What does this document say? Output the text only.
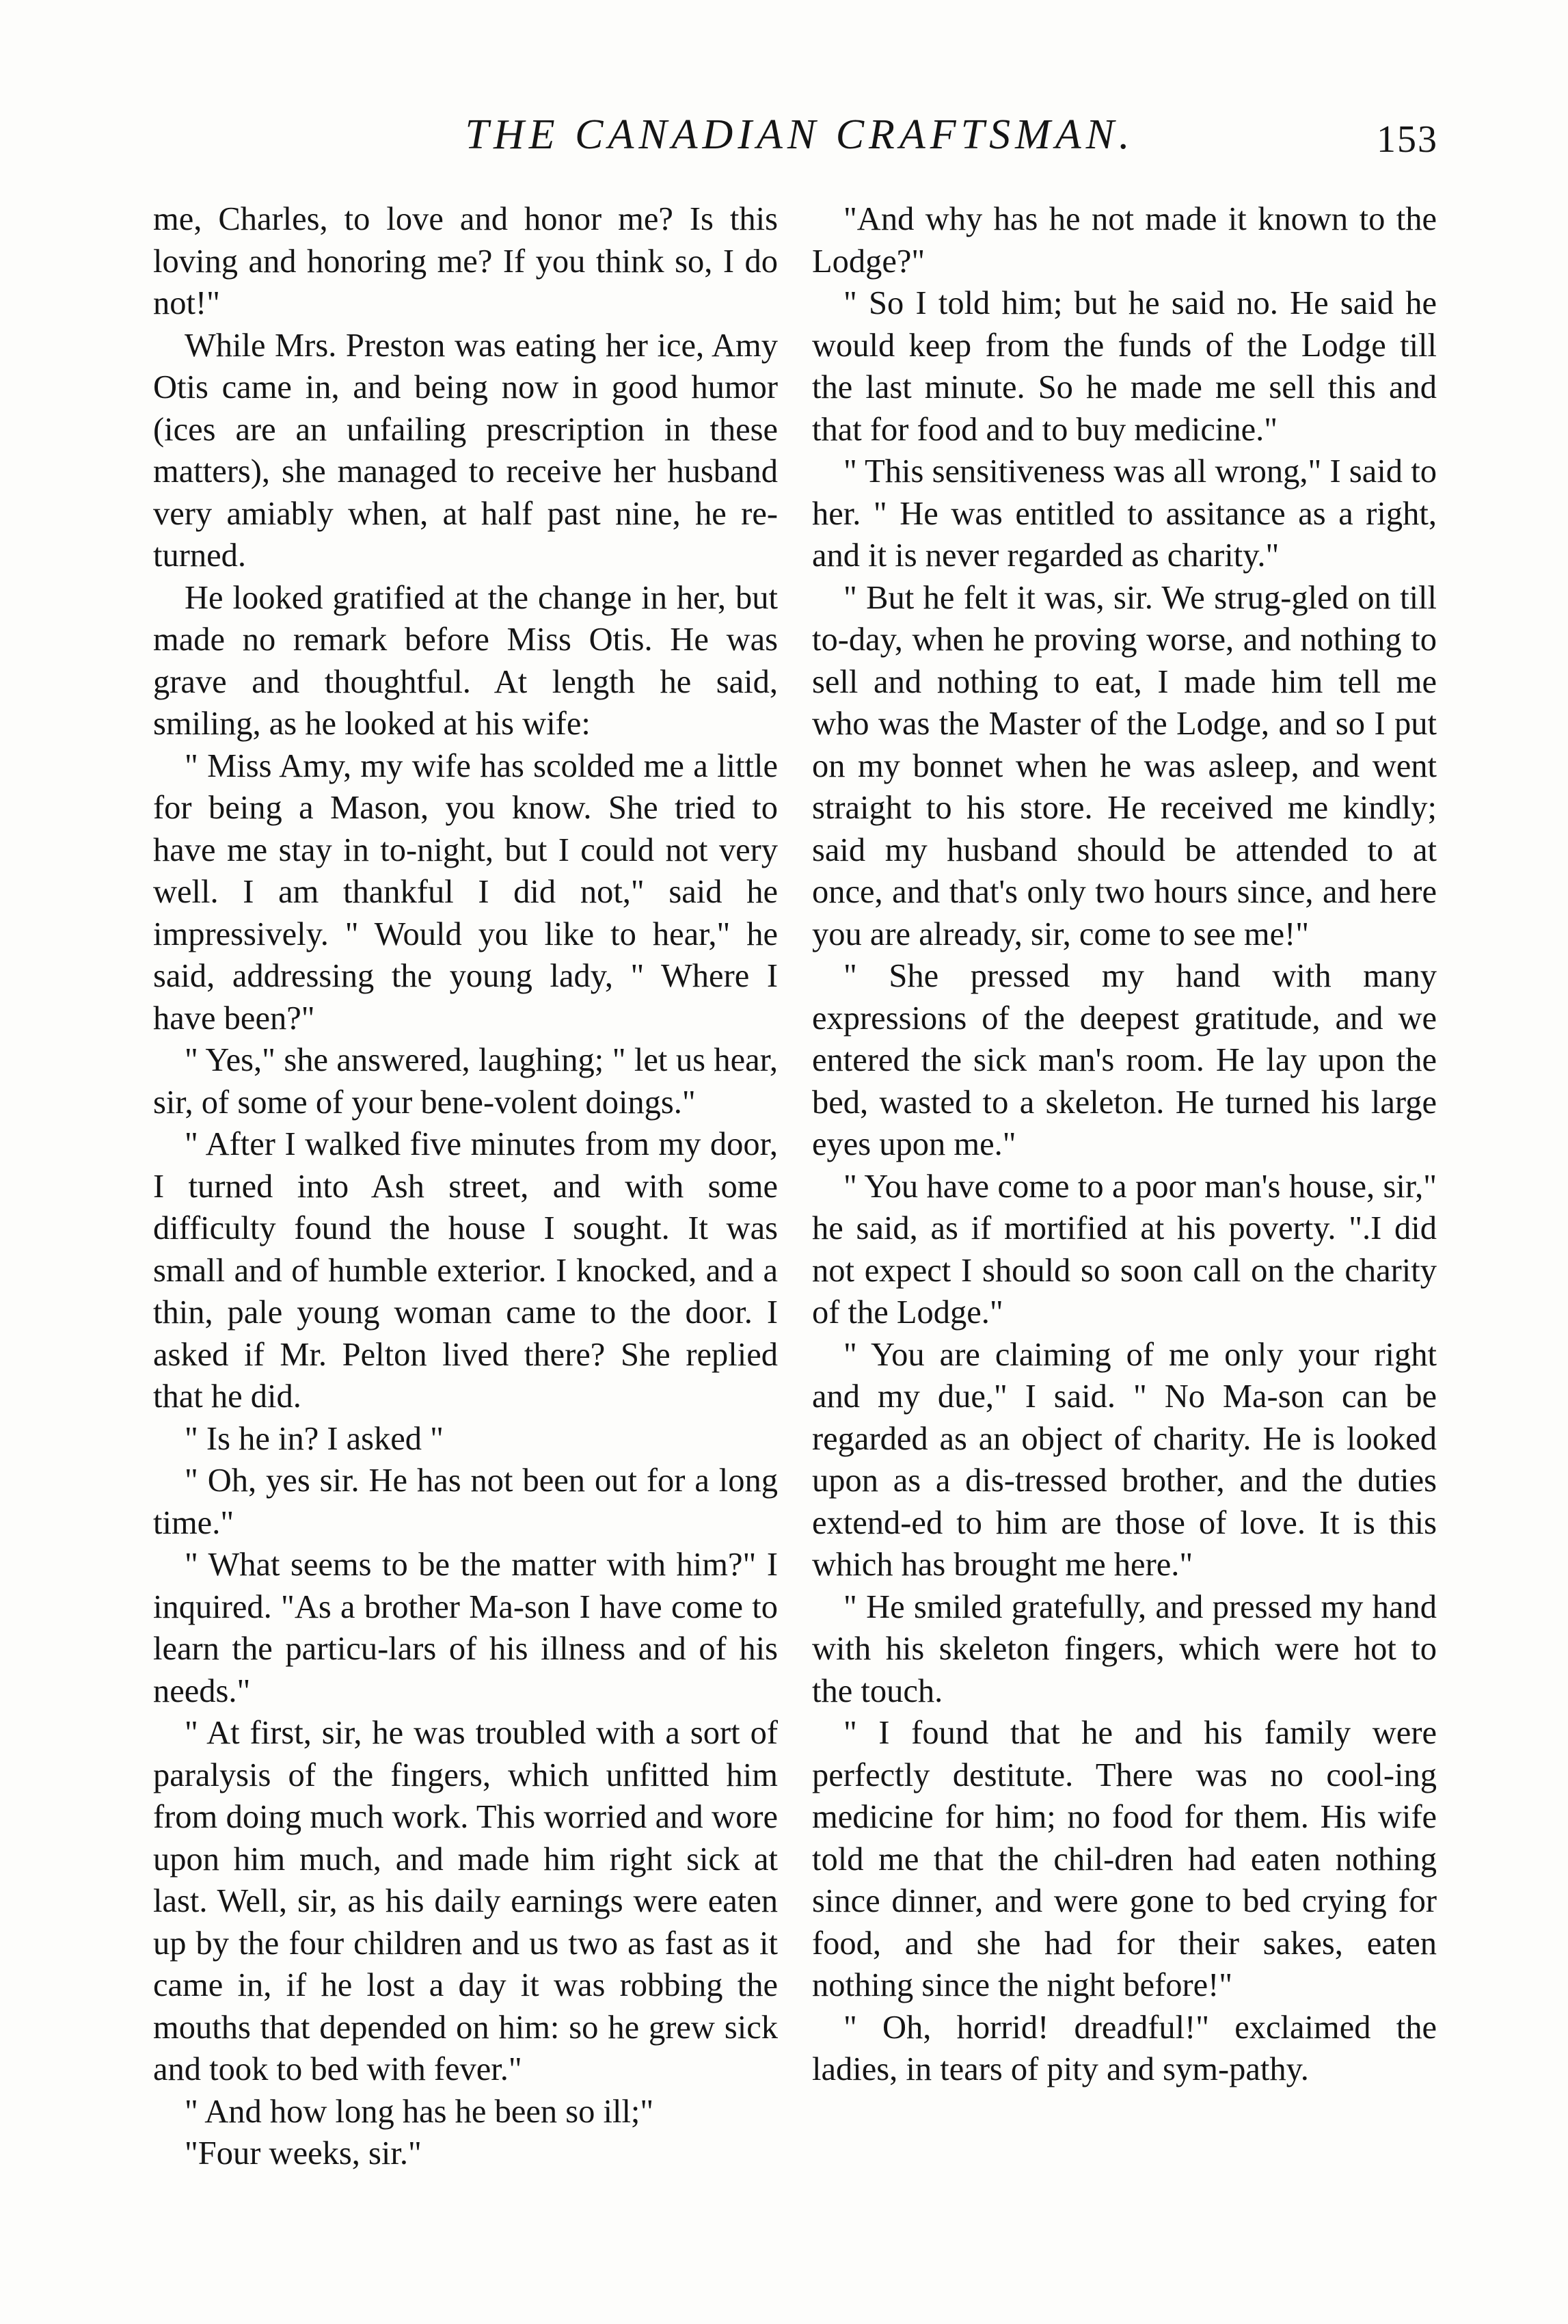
THE CANADIAN CRAFTSMAN.	153

me, Charles, to love and honor me? Is this loving and honoring me? If you think so, I do not!"

While Mrs. Preston was eating her ice, Amy Otis came in, and being now in good humor (ices are an unfailing prescription in these matters), she managed to receive her husband very amiably when, at half past nine, he re-turned.

He looked gratified at the change in her, but made no remark before Miss Otis. He was grave and thoughtful. At length he said, smiling, as he looked at his wife:

" Miss Amy, my wife has scolded me a little for being a Mason, you know. She tried to have me stay in to-night, but I could not very well. I am thankful I did not," said he impressively. " Would you like to hear," he said, addressing the young lady, " Where I have been?"

" Yes," she answered, laughing; " let us hear, sir, of some of your bene-volent doings."

" After I walked five minutes from my door, I turned into Ash street, and with some difficulty found the house I sought. It was small and of humble exterior. I knocked, and a thin, pale young woman came to the door. I asked if Mr. Pelton lived there? She replied that he did.

" Is he in? I asked "

" Oh, yes sir. He has not been out for a long time."

" What seems to be the matter with him?" I inquired. "As a brother Ma-son I have come to learn the particu-lars of his illness and of his needs."

" At first, sir, he was troubled with a sort of paralysis of the fingers, which unfitted him from doing much work. This worried and wore upon him much, and made him right sick at last. Well, sir, as his daily earnings were eaten up by the four children and us two as fast as it came in, if he lost a day it was robbing the mouths that depended on him: so he grew sick and took to bed with fever."

" And how long has he been so ill;"

"Four weeks, sir."

"And why has he not made it known to the Lodge?"

" So I told him; but he said no. He said he would keep from the funds of the Lodge till the last minute. So he made me sell this and that for food and to buy medicine."

" This sensitiveness was all wrong," I said to her. " He was entitled to assitance as a right, and it is never regarded as charity."

" But he felt it was, sir. We strug-gled on till to-day, when he proving worse, and nothing to sell and nothing to eat, I made him tell me who was the Master of the Lodge, and so I put on my bonnet when he was asleep, and went straight to his store. He received me kindly; said my husband should be attended to at once, and that's only two hours since, and here you are already, sir, come to see me!"

" She pressed my hand with many expressions of the deepest gratitude, and we entered the sick man's room. He lay upon the bed, wasted to a skeleton. He turned his large eyes upon me."

" You have come to a poor man's house, sir," he said, as if mortified at his poverty. ".I did not expect I should so soon call on the charity of the Lodge."

" You are claiming of me only your right and my due," I said. " No Ma-son can be regarded as an object of charity. He is looked upon as a dis-tressed brother, and the duties extend-ed to him are those of love. It is this which has brought me here."

" He smiled gratefully, and pressed my hand with his skeleton fingers, which were hot to the touch.

" I found that he and his family were perfectly destitute. There was no cool-ing medicine for him; no food for them. His wife told me that the chil-dren had eaten nothing since dinner, and were gone to bed crying for food, and she had for their sakes, eaten nothing since the night before!"

" Oh, horrid! dreadful!" exclaimed the ladies, in tears of pity and sym-pathy.
